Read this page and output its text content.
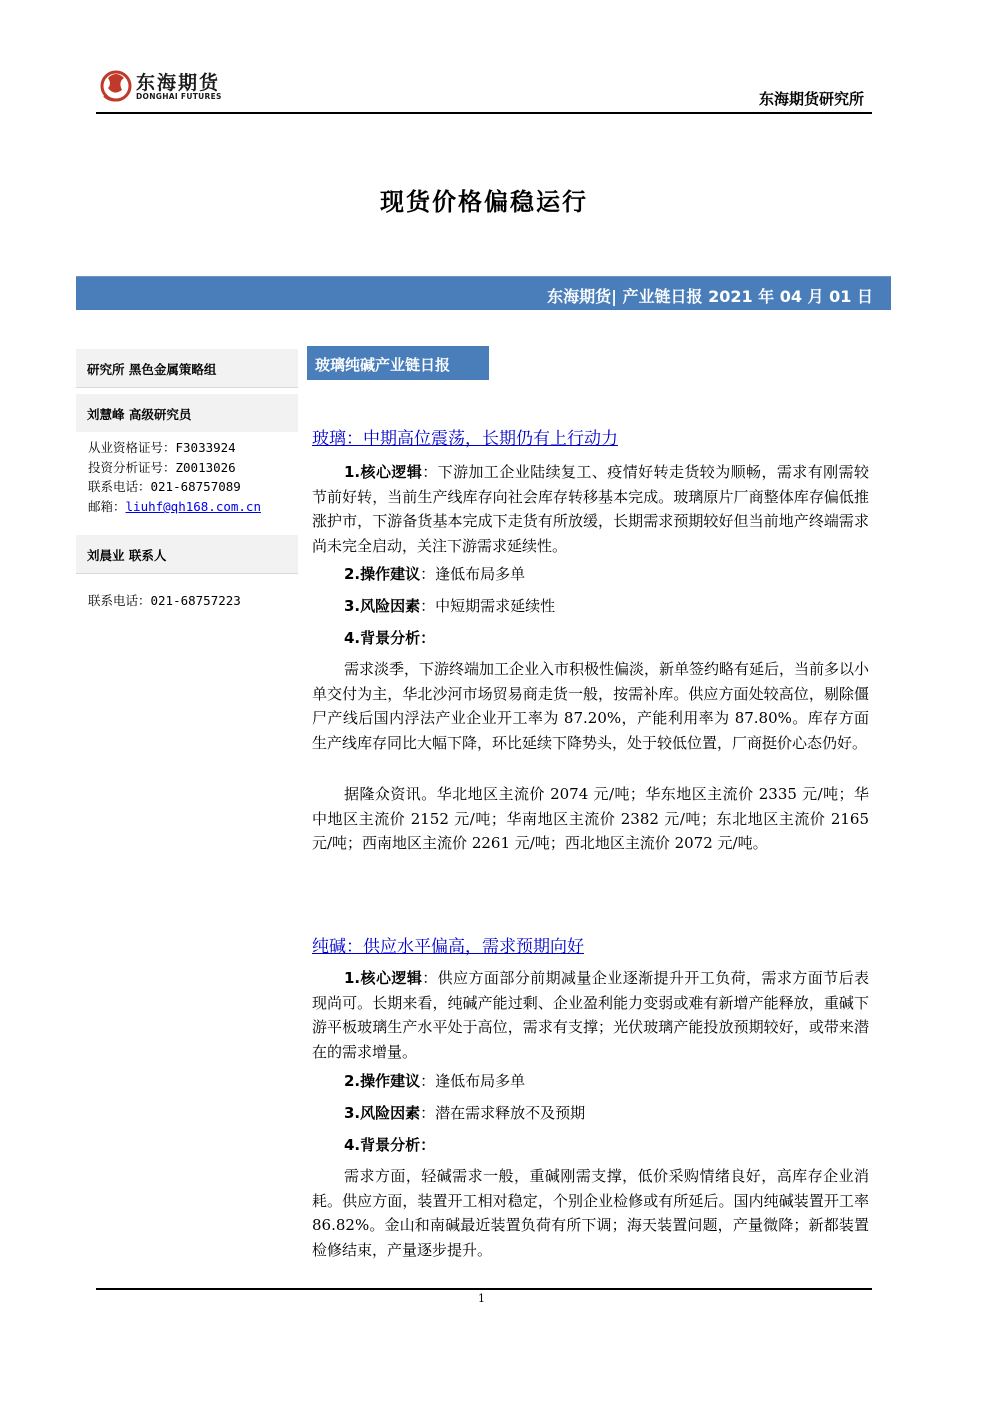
东海期货
DONGHAI FUTURES	东海期货研究所
现货价格偏稳运行
东海期货| 产业链日报 2021 年 04 月 01 日
研究所 黑色金属策略组
刘慧峰 高级研究员
从业资格证号：F3033924
投资分析证号：Z0013026
联系电话：021-68757089
邮箱：liuhf@qh168.com.cn
刘晨业 联系人
联系电话：021-68757223
玻璃纯碱产业链日报
玻璃：中期高位震荡，长期仍有上行动力
1.核心逻辑：下游加工企业陆续复工、疫情好转走货较为顺畅，需求有刚需较节前好转，当前生产线库存向社会库存转移基本完成。玻璃原片厂商整体库存偏低推涨护市，下游备货基本完成下走货有所放缓，长期需求预期较好但当前地产终端需求尚未完全启动，关注下游需求延续性。
2.操作建议：逢低布局多单
3.风险因素：中短期需求延续性
4.背景分析：
需求淡季，下游终端加工企业入市积极性偏淡，新单签约略有延后，当前多以小单交付为主，华北沙河市场贸易商走货一般，按需补库。供应方面处较高位，剔除僵尸产线后国内浮法产业企业开工率为 87.20%，产能利用率为 87.80%。库存方面生产线库存同比大幅下降，环比延续下降势头，处于较低位置，厂商挺价心态仍好。
据隆众资讯。华北地区主流价 2074 元/吨；华东地区主流价 2335 元/吨；华中地区主流价 2152 元/吨；华南地区主流价 2382 元/吨；东北地区主流价 2165 元/吨；西南地区主流价 2261 元/吨；西北地区主流价 2072 元/吨。
纯碱：供应水平偏高，需求预期向好
1.核心逻辑：供应方面部分前期减量企业逐渐提升开工负荷，需求方面节后表现尚可。长期来看，纯碱产能过剩、企业盈利能力变弱或难有新增产能释放，重碱下游平板玻璃生产水平处于高位，需求有支撑；光伏玻璃产能投放预期较好，或带来潜在的需求增量。
2.操作建议：逢低布局多单
3.风险因素：潜在需求释放不及预期
4.背景分析：
需求方面，轻碱需求一般，重碱刚需支撑，低价采购情绪良好，高库存企业消耗。供应方面，装置开工相对稳定，个别企业检修或有所延后。国内纯碱装置开工率 86.82%。金山和南碱最近装置负荷有所下调；海天装置问题，产量微降；新都装置检修结束，产量逐步提升。
1
